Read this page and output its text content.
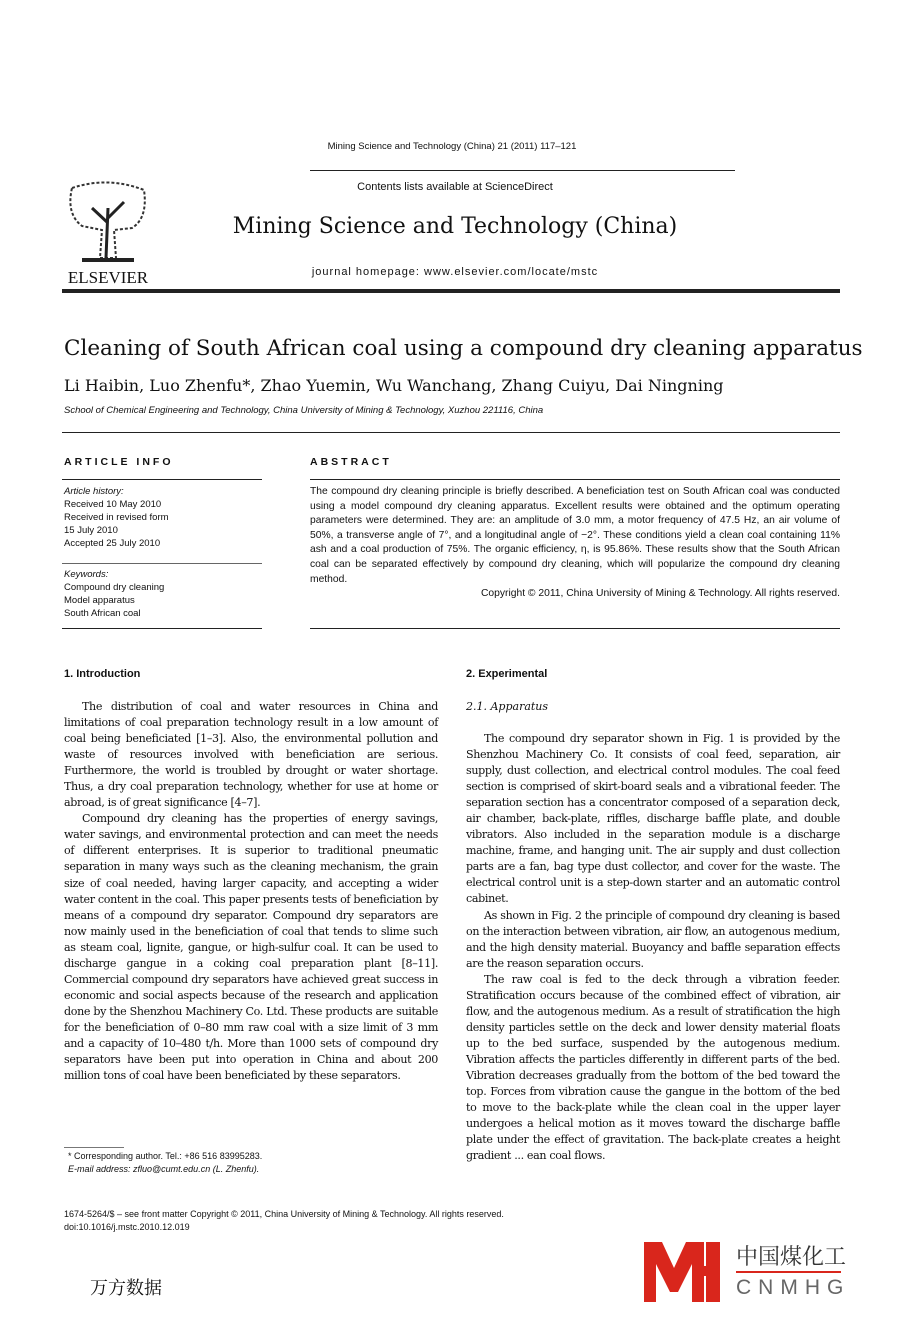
Mining Science and Technology (China) 21 (2011) 117–121
ELSEVIER
Contents lists available at ScienceDirect
Mining Science and Technology (China)
journal homepage: www.elsevier.com/locate/mstc
Cleaning of South African coal using a compound dry cleaning apparatus
Li Haibin, Luo Zhenfu*, Zhao Yuemin, Wu Wanchang, Zhang Cuiyu, Dai Ningning
School of Chemical Engineering and Technology, China University of Mining & Technology, Xuzhou 221116, China
ARTICLE INFO
Article history:
Received 10 May 2010
Received in revised form
15 July 2010
Accepted 25 July 2010
Keywords:
Compound dry cleaning
Model apparatus
South African coal
ABSTRACT
The compound dry cleaning principle is briefly described. A beneficiation test on South African coal was conducted using a model compound dry cleaning apparatus. Excellent results were obtained and the optimum operating parameters were determined. They are: an amplitude of 3.0 mm, a motor frequency of 47.5 Hz, an air volume of 50%, a transverse angle of 7°, and a longitudinal angle of −2°. These conditions yield a clean coal containing 11% ash and a coal production of 75%. The organic efficiency, η, is 95.86%. These results show that the South African coal can be separated effectively by compound dry cleaning, which will popularize the compound dry cleaning method.
Copyright © 2011, China University of Mining & Technology. All rights reserved.
1. Introduction

The distribution of coal and water resources in China and limitations of coal preparation technology result in a low amount of coal being beneficiated [1–3]. Also, the environmental pollution and waste of resources involved with beneficiation are serious. Furthermore, the world is troubled by drought or water shortage. Thus, a dry coal preparation technology, whether for use at home or abroad, is of great significance [4–7].

Compound dry cleaning has the properties of energy savings, water savings, and environmental protection and can meet the needs of different enterprises. It is superior to traditional pneumatic separation in many ways such as the cleaning mechanism, the grain size of coal needed, having larger capacity, and accepting a wider water content in the coal. This paper presents tests of beneficiation by means of a compound dry separator. Compound dry separators are now mainly used in the beneficiation of coal that tends to slime such as steam coal, lignite, gangue, or high-sulfur coal. It can be used to discharge gangue in a coking coal preparation plant [8–11]. Commercial compound dry separators have achieved great success in economic and social aspects because of the research and application done by the Shenzhou Machinery Co. Ltd. These products are suitable for the beneficiation of 0–80 mm raw coal with a size limit of 3 mm and a capacity of 10–480 t/h. More than 1000 sets of compound dry separators have been put into operation in China and about 200 million tons of coal have been beneficiated by these separators.

2. Experimental
2.1. Apparatus

The compound dry separator shown in Fig. 1 is provided by the Shenzhou Machinery Co. It consists of coal feed, separation, air supply, dust collection, and electrical control modules. The coal feed section is comprised of skirt-board seals and a vibrational feeder. The separation section has a concentrator composed of a separation deck, air chamber, back-plate, riffles, discharge baffle plate, and double vibrators. Also included in the separation module is a discharge machine, frame, and hanging unit. The air supply and dust collection parts are a fan, bag type dust collector, and cover for the waste. The electrical control unit is a step-down starter and an automatic control cabinet.

As shown in Fig. 2 the principle of compound dry cleaning is based on the interaction between vibration, air flow, an autogenous medium, and the high density material. Buoyancy and baffle separation effects are the reason separation occurs.

The raw coal is fed to the deck through a vibration feeder. Stratification occurs because of the combined effect of vibration, air flow, and the autogenous medium. As a result of stratification the high density particles settle on the deck and lower density material floats up to the bed surface, suspended by the autogenous medium. Vibration affects the particles differently in different parts of the bed. Vibration decreases gradually from the bottom of the bed toward the top. Forces from vibration cause the gangue in the bottom of the bed to move to the back-plate while the clean coal in the upper layer undergoes a helical motion as it moves toward the discharge baffle plate under the effect of gravitation. The back-plate creates a height gradient ... ean coal flows.

* Corresponding author. Tel.: +86 516 83995283.
E-mail address: zfluo@cumt.edu.cn (L. Zhenfu).
1674-5264/$ – see front matter Copyright © 2011, China University of Mining & Technology. All rights reserved.
doi:10.1016/j.mstc.2010.12.019
中国煤化工
CNMHG
万方数据
